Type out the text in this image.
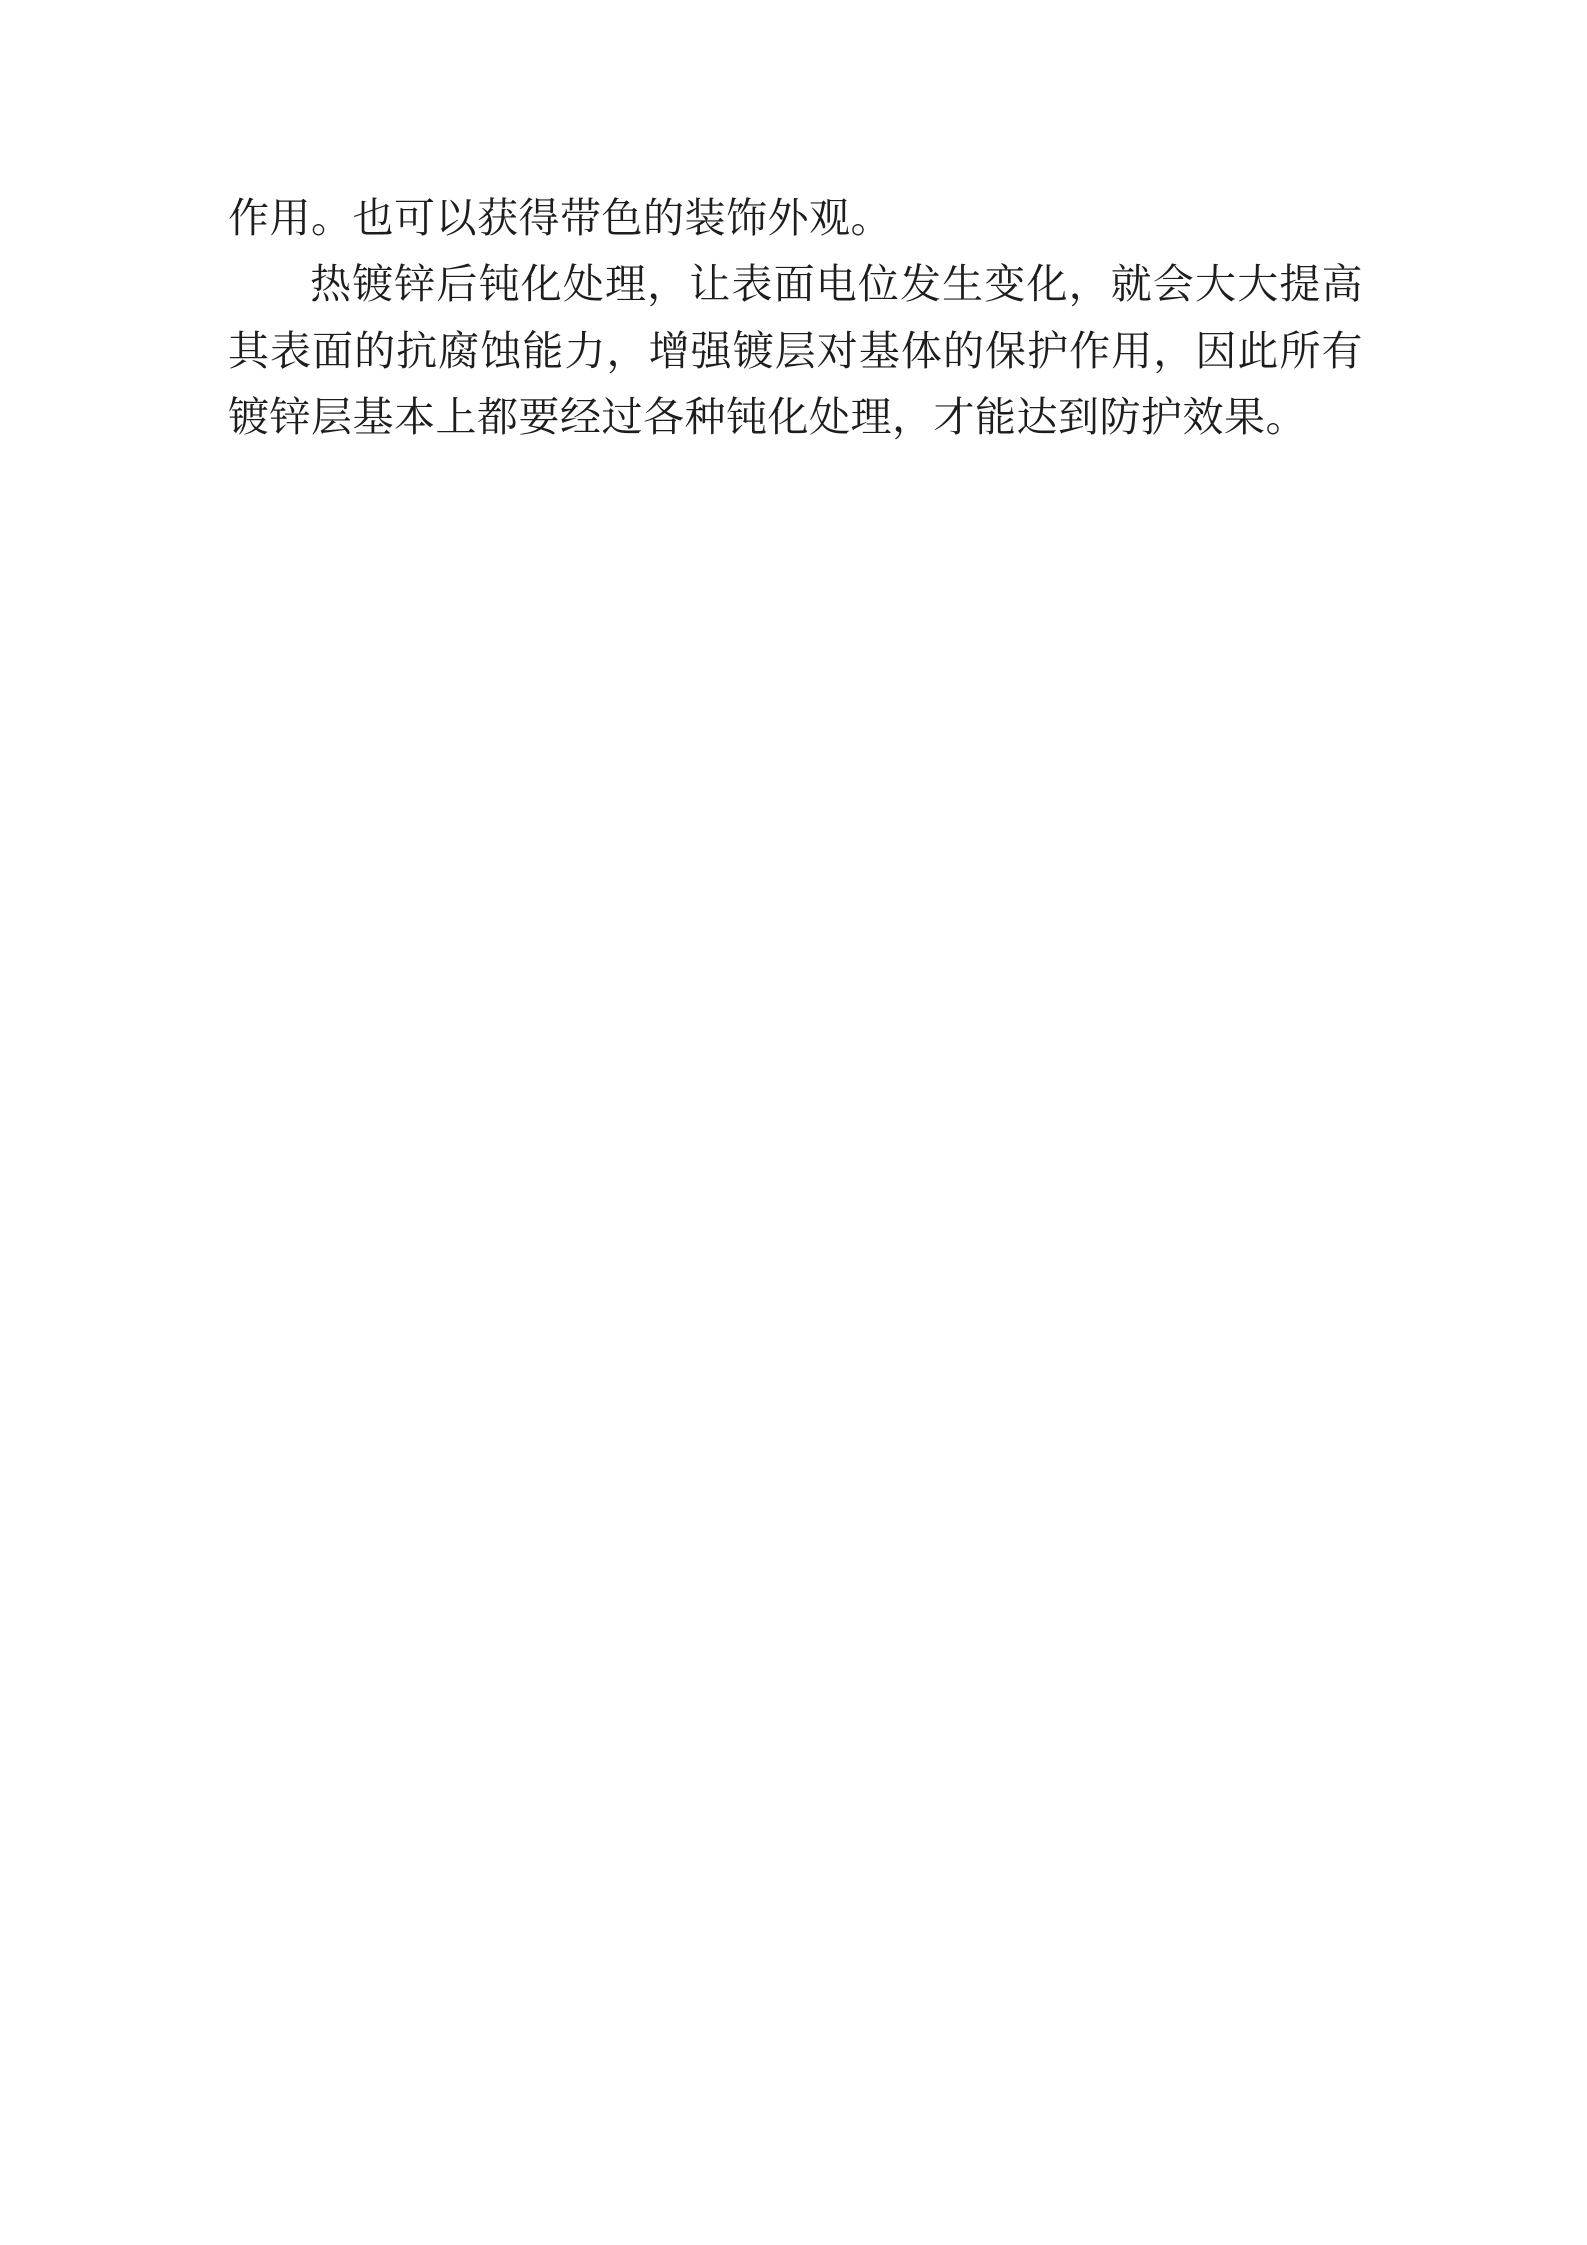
作用。也可以获得带色的装饰外观。

热镀锌后钝化处理，让表面电位发生变化，就会大大提高其表面的抗腐蚀能力，增强镀层对基体的保护作用，因此所有镀锌层基本上都要经过各种钝化处理，才能达到防护效果。
